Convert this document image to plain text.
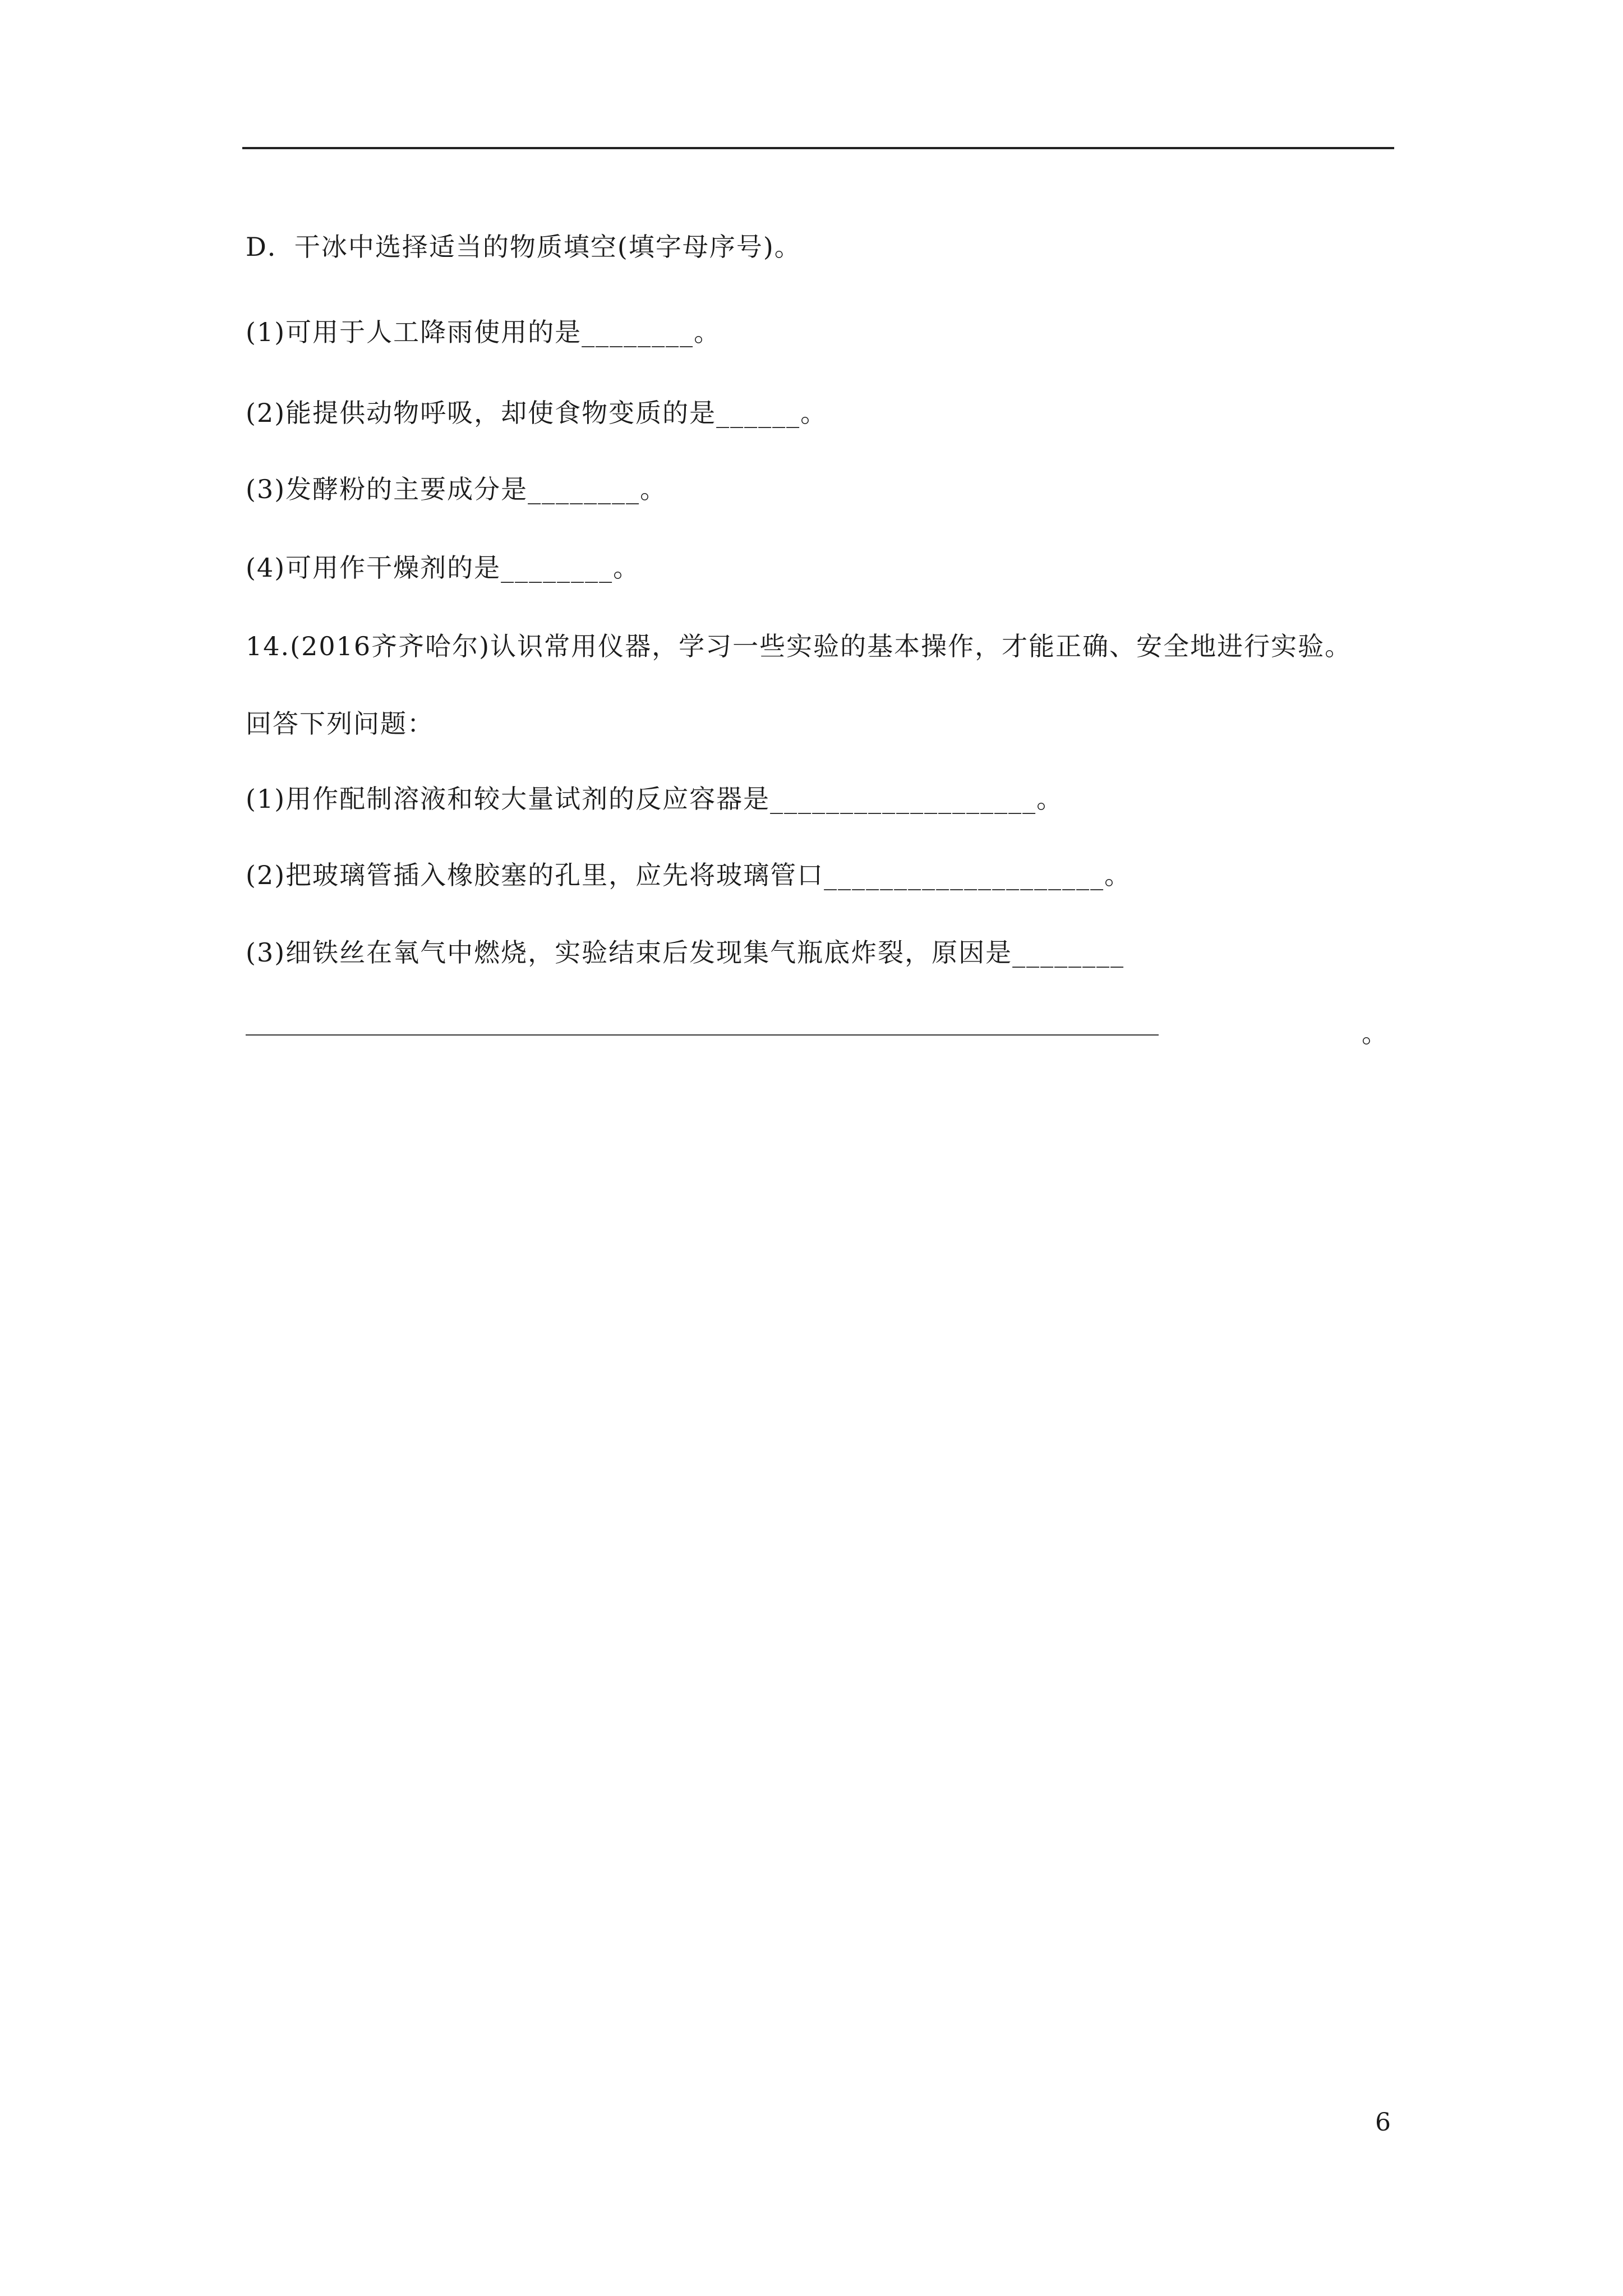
D．干冰中选择适当的物质填空(填字母序号)。
(1)可用于人工降雨使用的是________。
(2)能提供动物呼吸，却使食物变质的是______。
(3)发酵粉的主要成分是________。
(4)可用作干燥剂的是________。
14.(2016齐齐哈尔)认识常用仪器，学习一些实验的基本操作，才能正确、安全地进行实验。
回答下列问题：
(1)用作配制溶液和较大量试剂的反应容器是___________________。
(2)把玻璃管插入橡胶塞的孔里，应先将玻璃管口____________________。
(3)细铁丝在氧气中燃烧，实验结束后发现集气瓶底炸裂，原因是________
。
6
